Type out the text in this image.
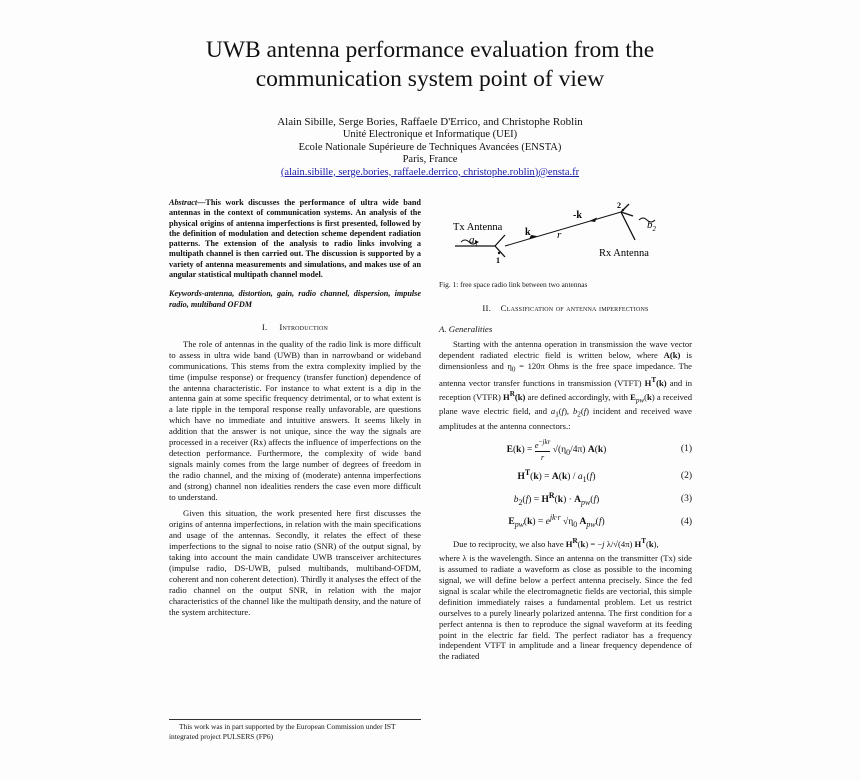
UWB antenna performance evaluation from the
communication system point of view
Alain Sibille, Serge Bories, Raffaele D'Errico, and Christophe Roblin
Unité Electronique et Informatique (UEI)
Ecole Nationale Supérieure de Techniques Avancées (ENSTA)
Paris, France
(alain.sibille, serge.bories, raffaele.derrico, christophe.roblin)@ensta.fr
Abstract—This work discusses the performance of ultra wide band antennas in the context of communication systems. An analysis of the physical origins of antenna imperfections is first presented, followed by the definition of modulation and detection scheme dependent radiation patterns. The extension of the analysis to radio links involving a multipath channel is then carried out. The discussion is supported by a variety of antenna measurements and simulations, and makes use of an angular statistical multipath channel model.
Keywords-antenna, distortion, gain, radio channel, dispersion, impulse radio, multiband OFDM
I. Introduction

The role of antennas in the quality of the radio link is more difficult to assess in ultra wide band (UWB) than in narrowband or wideband communications. This stems from the extra complexity implied by the time (impulse response) or frequency (transfer function) dependence of the antenna characteristic. For instance to what extent is a dip in the antenna gain at some specific frequency detrimental, or to what extent is a late ripple in the temporal response really unfavorable, are questions which have no immediate and intuitive answers. It seems likely in addition that the answer is not unique, since the way the signals are processed in a receiver (Rx) affects the influence of imperfections on the detection performance. Furthermore, the complexity of wide band signals mainly comes from the large number of degrees of freedom in the radio channel, and the mixing of (moderate) antenna imperfections and (strong) channel non idealities renders the case even more difficult to understand.

Given this situation, the work presented here first discusses the origins of antenna imperfections, in relation with the main specifications and usage of the antennas. Secondly, it relates the effect of these imperfections to the signal to noise ratio (SNR) of the output signal, by taking into account the main candidate UWB transceiver architectures (impulse radio, DS-UWB, pulsed multibands, multiband-OFDM, coherent and non coherent detection). Thirdly it analyses the effect of the radio channel on the output SNR, in relation with the major characteristics of the channel like the multipath density, and the nature of the system architecture.

This work was in part supported by the European Commission under IST integrated project PULSERS (FP6)
Tx Antenna
$a_1$
1
k
-k
r
2
$b_2$
Rx Antenna
Fig. 1: free space radio link between two antennas
II. Classification of antenna imperfections
A. Generalities

Starting with the antenna operation in transmission the wave vector dependent radiated electric field is written below, where A(k) is dimensionless and $\eta_0 = 120\pi$ Ohms is the free space impedance. The antenna vector transfer functions in transmission (VTFT) $H^T(k)$ and in reception (VTFR) $H^R(k)$ are defined accordingly, with $E_{pw}(k)$ a received plane wave electric field, and $a_1(f)$, $b_2(f)$ incident and received wave amplitudes at the antenna connectors.:

E(k) =
$e^{-jkr}$
r
$√(\eta_0/4\pi)$ A(k)	(1)
$H^T(k) = A(k) / a_1(f)$	(2)
$b_2(f) = H^R(k) \cdot A_{pw}(f)$	(3)
$E_{pw}(k) = e^{jk\cdot r}$ $√\eta_0$ $A_{pw}(f)$	(4)

Due to reciprocity, we also have $H^R(k) = -j$ λ/√(4π) $H^T(k)$,

where λ is the wavelength. Since an antenna on the transmitter (Tx) side is assumed to radiate a waveform as close as possible to the incoming signal, we will define below a perfect antenna precisely. Since the fed signal is scalar while the electromagnetic fields are vectorial, this simple definition immediately raises a fundamental problem. Let us restrict ourselves to a purely linearly polarized antenna. The first condition for a perfect antenna is then to reproduce the signal waveform at its feeding point in the electric far field. The perfect radiator has a frequency independent VTFT in amplitude and a linear frequency dependence of the radiated
